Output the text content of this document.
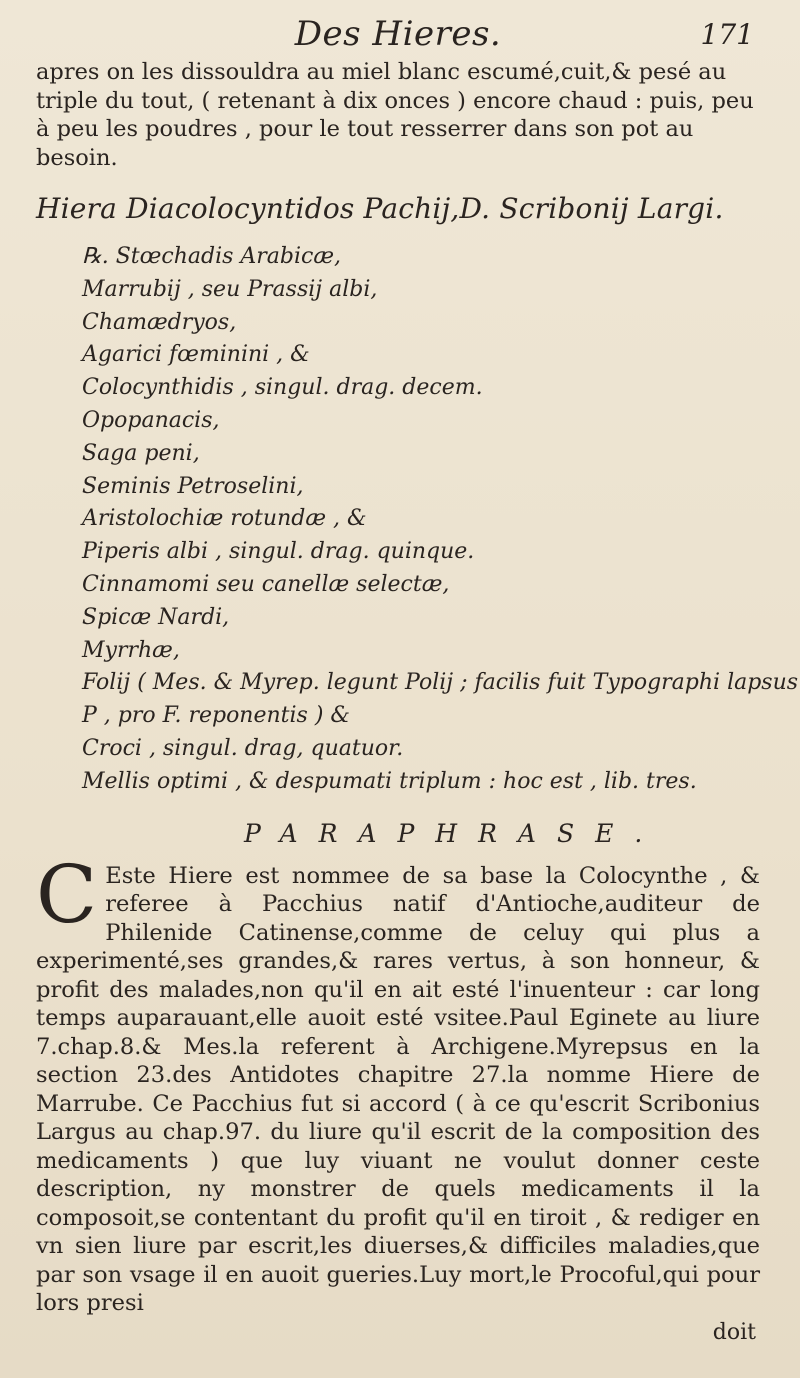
Des Hieres.	171

apres on les dissouldra au miel blanc escumé,cuit,& pesé au triple du tout, ( retenant à dix onces ) encore chaud : puis, peu à peu les poudres , pour le tout resserrer dans son pot au besoin.

Hiera Diacolocyntidos Pachij,D. Scribonij Largi.
℞. Stœchadis Arabicæ,
Marrubij , seu Prassij albi,
Chamædryos,
Agarici fœminini , &
Colocynthidis , singul. drag. decem.
Opopanacis,
Saga peni,
Seminis Petroselini,
Aristolochiæ rotundæ , &
Piperis albi , singul. drag. quinque.
Cinnamomi seu canellæ selectæ,
Spicæ Nardi,
Myrrhæ,
Folij ( Mes. & Myrep. legunt Polij ; facilis fuit Typographi lapsus
P , pro F. reponentis ) &
Croci , singul. drag, quatuor.
Mellis optimi , & despumati triplum : hoc est , lib. tres.
PARAPHRASE.

C Este Hiere est nommee de sa base la Colocynthe , & referee à Pacchius natif d'Antioche,auditeur de Philenide Catinense,comme de celuy qui plus a experimenté,ses grandes,& rares vertus, à son honneur, & profit des malades,non qu'il en ait esté l'inuenteur : car long temps auparauant,elle auoit esté vsitee.Paul Eginete au liure 7.chap.8.& Mes.la referent à Archigene.Myrepsus en la section 23.des Antidotes chapitre 27.la nomme Hiere de Marrube. Ce Pacchius fut si accord ( à ce qu'escrit Scribonius Largus au chap.97. du liure qu'il escrit de la composition des medicaments ) que luy viuant ne voulut donner ceste description, ny monstrer de quels medicaments il la composoit,se contentant du profit qu'il en tiroit , & rediger en vn sien liure par escrit,les diuerses,& difficiles maladies,que par son vsage il en auoit gueries.Luy mort,le Procoful,qui pour lors presi

doit
